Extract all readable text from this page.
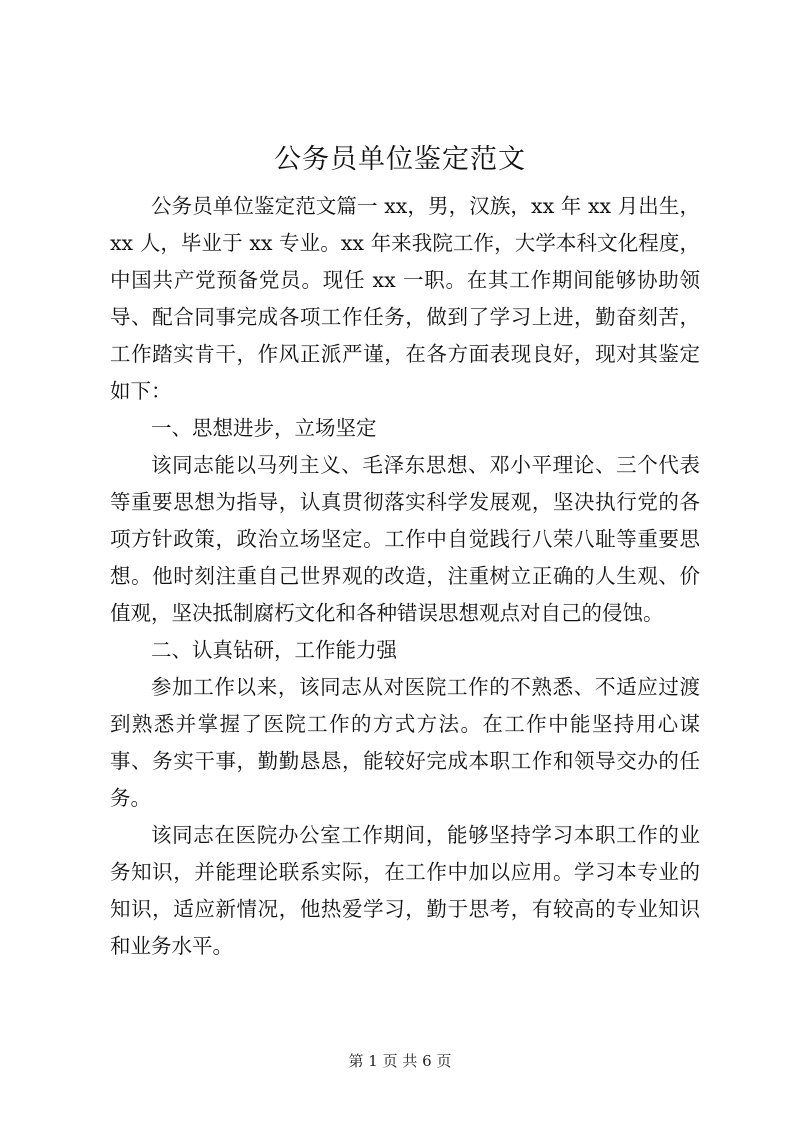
公务员单位鉴定范文

公务员单位鉴定范文篇一 xx，男，汉族，xx 年 xx 月出生，xx 人，毕业于 xx 专业。xx 年来我院工作，大学本科文化程度，中国共产党预备党员。现任 xx 一职。在其工作期间能够协助领导、配合同事完成各项工作任务，做到了学习上进，勤奋刻苦，工作踏实肯干，作风正派严谨，在各方面表现良好，现对其鉴定如下：

一、思想进步，立场坚定

该同志能以马列主义、毛泽东思想、邓小平理论、三个代表等重要思想为指导，认真贯彻落实科学发展观，坚决执行党的各项方针政策，政治立场坚定。工作中自觉践行八荣八耻等重要思想。他时刻注重自己世界观的改造，注重树立正确的人生观、价值观，坚决抵制腐朽文化和各种错误思想观点对自己的侵蚀。

二、认真钻研，工作能力强

参加工作以来，该同志从对医院工作的不熟悉、不适应过渡到熟悉并掌握了医院工作的方式方法。在工作中能坚持用心谋事、务实干事，勤勤恳恳，能较好完成本职工作和领导交办的任务。

该同志在医院办公室工作期间，能够坚持学习本职工作的业务知识，并能理论联系实际，在工作中加以应用。学习本专业的知识，适应新情况，他热爱学习，勤于思考，有较高的专业知识和业务水平。

第 1 页 共 6 页
